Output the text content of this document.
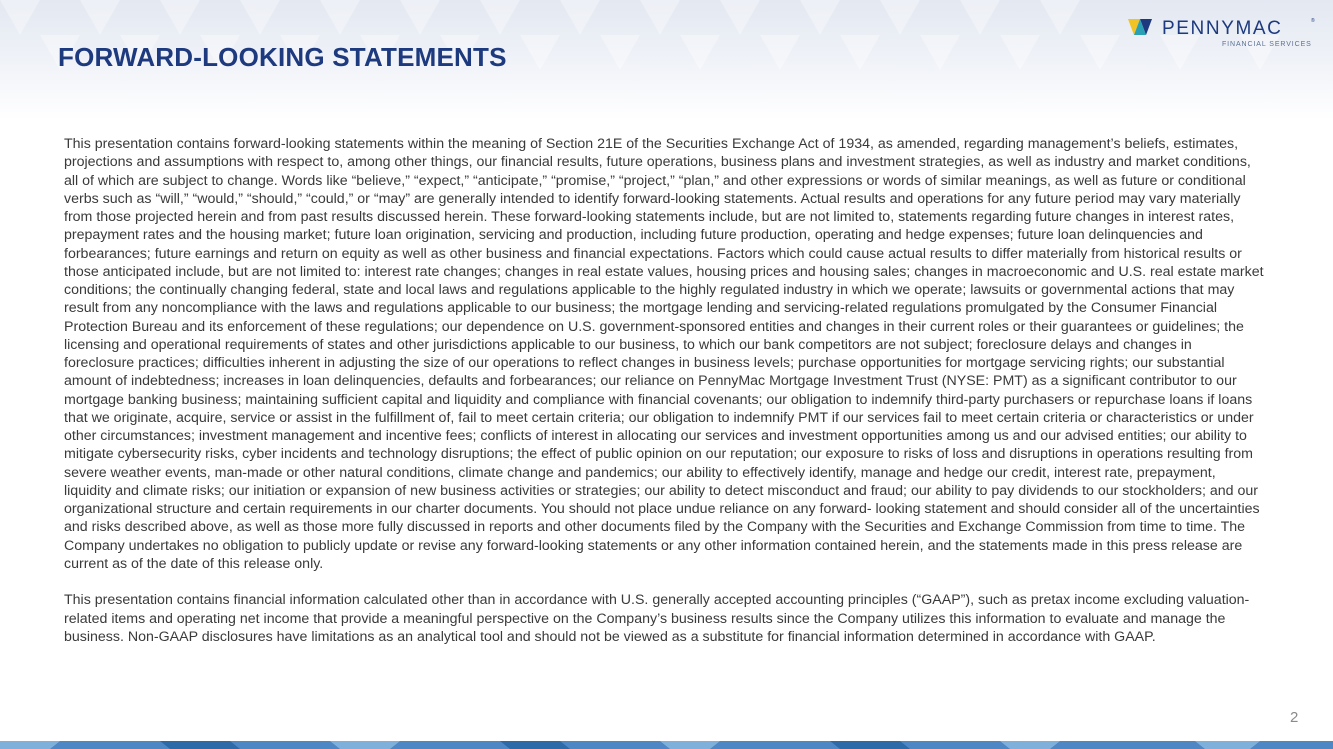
FORWARD-LOOKING STATEMENTS
PENNYMAC	®
FINANCIAL SERVICES

This presentation contains forward-looking statements within the meaning of Section 21E of the Securities Exchange Act of 1934, as amended, regarding management’s beliefs, estimates, projections and assumptions with respect to, among other things, our financial results, future operations, business plans and investment strategies, as well as industry and market conditions, all of which are subject to change. Words like “believe,” “expect,” “anticipate,” “promise,” “project,” “plan,” and other expressions or words of similar meanings, as well as future or conditional verbs such as “will,” “would,” “should,” “could,” or “may” are generally intended to identify forward-looking statements. Actual results and operations for any future period may vary materially from those projected herein and from past results discussed herein. These forward-looking statements include, but are not limited to, statements regarding future changes in interest rates, prepayment rates and the housing market; future loan origination, servicing and production, including future production, operating and hedge expenses; future loan delinquencies and forbearances; future earnings and return on equity as well as other business and financial expectations. Factors which could cause actual results to differ materially from historical results or those anticipated include, but are not limited to: interest rate changes; changes in real estate values, housing prices and housing sales; changes in macroeconomic and U.S. real estate market conditions; the continually changing federal, state and local laws and regulations applicable to the highly regulated industry in which we operate; lawsuits or governmental actions that may result from any noncompliance with the laws and regulations applicable to our business; the mortgage lending and servicing-related regulations promulgated by the Consumer Financial Protection Bureau and its enforcement of these regulations; our dependence on U.S. government-sponsored entities and changes in their current roles or their guarantees or guidelines; the licensing and operational requirements of states and other jurisdictions applicable to our business, to which our bank competitors are not subject; foreclosure delays and changes in foreclosure practices; difficulties inherent in adjusting the size of our operations to reflect changes in business levels; purchase opportunities for mortgage servicing rights; our substantial amount of indebtedness; increases in loan delinquencies, defaults and forbearances; our reliance on PennyMac Mortgage Investment Trust (NYSE: PMT) as a significant contributor to our mortgage banking business; maintaining sufficient capital and liquidity and compliance with financial covenants; our obligation to indemnify third-party purchasers or repurchase loans if loans that we originate, acquire, service or assist in the fulfillment of, fail to meet certain criteria; our obligation to indemnify PMT if our services fail to meet certain criteria or characteristics or under other circumstances; investment management and incentive fees; conflicts of interest in allocating our services and investment opportunities among us and our advised entities; our ability to mitigate cybersecurity risks, cyber incidents and technology disruptions; the effect of public opinion on our reputation; our exposure to risks of loss and disruptions in operations resulting from severe weather events, man-made or other natural conditions, climate change and pandemics; our ability to effectively identify, manage and hedge our credit, interest rate, prepayment, liquidity and climate risks; our initiation or expansion of new business activities or strategies; our ability to detect misconduct and fraud; our ability to pay dividends to our stockholders; and our organizational structure and certain requirements in our charter documents. You should not place undue reliance on any forward- looking statement and should consider all of the uncertainties and risks described above, as well as those more fully discussed in reports and other documents filed by the Company with the Securities and Exchange Commission from time to time. The Company undertakes no obligation to publicly update or revise any forward-looking statements or any other information contained herein, and the statements made in this press release are current as of the date of this release only.

This presentation contains financial information calculated other than in accordance with U.S. generally accepted accounting principles (“GAAP”), such as pretax income excluding valuation-related items and operating net income that provide a meaningful perspective on the Company’s business results since the Company utilizes this information to evaluate and manage the business. Non-GAAP disclosures have limitations as an analytical tool and should not be viewed as a substitute for financial information determined in accordance with GAAP.

2
